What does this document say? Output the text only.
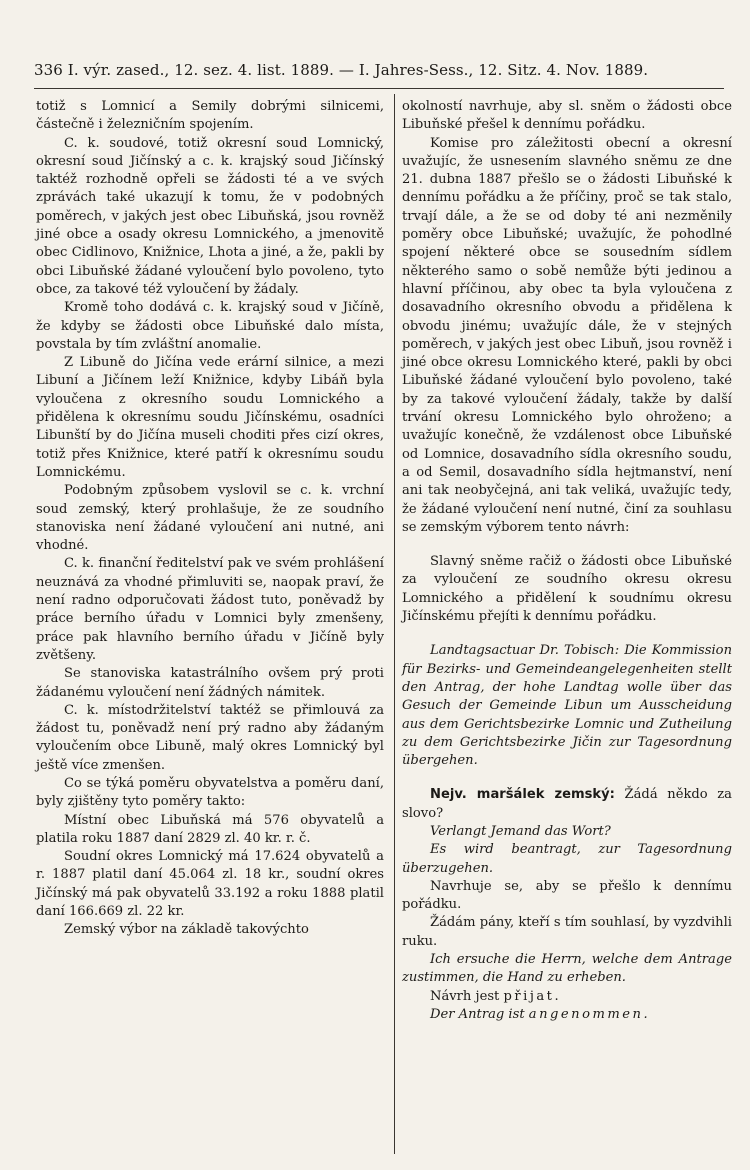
336 I. výr. zased., 12. sez. 4. list. 1889. — I. Jahres-Sess., 12. Sitz. 4. Nov. 1889.

totiž s Lomnicí a Semily dobrými silnicemi, částečně i železničním spojením.

C. k. soudové, totiž okresní soud Lomnický, okresní soud Jičínský a c. k. krajský soud Jičínský taktéž rozhodně opřeli se žádosti té a ve svých zprávách také ukazují k tomu, že v podobných poměrech, v jakých jest obec Libuňská, jsou rovněž jiné obce a osady okresu Lomnického, a jmenovitě obec Cidlinovo, Knižnice, Lhota a jiné, a že, pakli by obci Libuňské žádané vyloučení bylo povoleno, tyto obce, za takové též vyloučení by žádaly.

Kromě toho dodává c. k. krajský soud v Jičíně, že kdyby se žádosti obce Libuňské dalo místa, povstala by tím zvláštní anomalie.

Z Libuně do Jičína vede erární silnice, a mezi Libuní a Jičínem leží Knižnice, kdyby Libáň byla vyloučena z okresního soudu Lomnického a přidělena k okresnímu soudu Jičínskému, osadníci Libunští by do Jičína museli choditi přes cizí okres, totiž přes Knižnice, které patří k okresnímu soudu Lomnickému.

Podobným způsobem vyslovil se c. k. vrchní soud zemský, který prohlašuje, že ze soudního stanoviska není žádané vyloučení ani nutné, ani vhodné.

C. k. finanční ředitelství pak ve svém prohlášení neuznává za vhodné přimluviti se, naopak praví, že není radno odporučovati žádost tuto, poněvadž by práce berního úřadu v Lomnici byly zmenšeny, práce pak hlavního berního úřadu v Jičíně byly zvětšeny.

Se stanoviska katastrálního ovšem prý proti žádanému vyloučení není žádných námitek.

C. k. místodržitelství taktéž se přimlouvá za žádost tu, poněvadž není prý radno aby žádaným vyloučením obce Libuně, malý okres Lomnický byl ještě více zmenšen.

Co se týká poměru obyvatelstva a poměru daní, byly zjištěny tyto poměry takto:

Místní obec Libuňská má 576 obyvatelů a platila roku 1887 daní 2829 zl. 40 kr. r. č.

Soudní okres Lomnický má 17.624 obyvatelů a r. 1887 platil daní 45.064 zl. 18 kr., soudní okres Jičínský má pak obyvatelů 33.192 a roku 1888 platil daní 166.669 zl. 22 kr.

Zemský výbor na základě takovýchto

okolností navrhuje, aby sl. sněm o žádosti obce Libuňské přešel k dennímu pořádku.

Komise pro záležitosti obecní a okresní uvažujíc, že usnesením slavného sněmu ze dne 21. dubna 1887 přešlo se o žádosti Libuňské k dennímu pořádku a že příčiny, proč se tak stalo, trvají dále, a že se od doby té ani nezměnily poměry obce Libuňské; uvažujíc, že pohodlné spojení některé obce se sousedním sídlem některého samo o sobě nemůže býti jedinou a hlavní příčinou, aby obec ta byla vyloučena z dosavadního okresního obvodu a přidělena k obvodu jinému; uvažujíc dále, že v stejných poměrech, v jakých jest obec Libuň, jsou rovněž i jiné obce okresu Lomnického které, pakli by obci Libuňské žádané vyloučení bylo povoleno, také by za takové vyloučení žádaly, takže by další trvání okresu Lomnického bylo ohroženo; a uvažujíc konečně, že vzdálenost obce Libuňské od Lomnice, dosavadního sídla okresního soudu, a od Semil, dosavadního sídla hejtmanství, není ani tak neobyčejná, ani tak veliká, uvažujíc tedy, že žádané vyloučení není nutné, činí za souhlasu se zemským výborem tento návrh:

Slavný sněme račiž o žádosti obce Libuňské za vyloučení ze soudního okresu okresu Lomnického a přidělení k soudnímu okresu Jičínskému přejíti k dennímu pořádku.

Landtagsactuar Dr. Tobisch: Die Kommission für Bezirks- und Gemeindeangelegenheiten stellt den Antrag, der hohe Landtag wolle über das Gesuch der Gemeinde Libun um Ausscheidung aus dem Gerichtsbezirke Lomnic und Zutheilung zu dem Gerichtsbezirke Jičin zur Tagesordnung übergehen.

Nejv. maršálek zemský: Žádá někdo za slovo?

Verlangt Jemand das Wort?

Es wird beantragt, zur Tagesordnung überzugehen.

Navrhuje se, aby se přešlo k dennímu pořádku.

Žádám pány, kteří s tím souhlasí, by vyzdvihli ruku.

Ich ersuche die Herrn, welche dem Antrage zustimmen, die Hand zu erheben.

Návrh jest přijat.

Der Antrag ist angenommen.
